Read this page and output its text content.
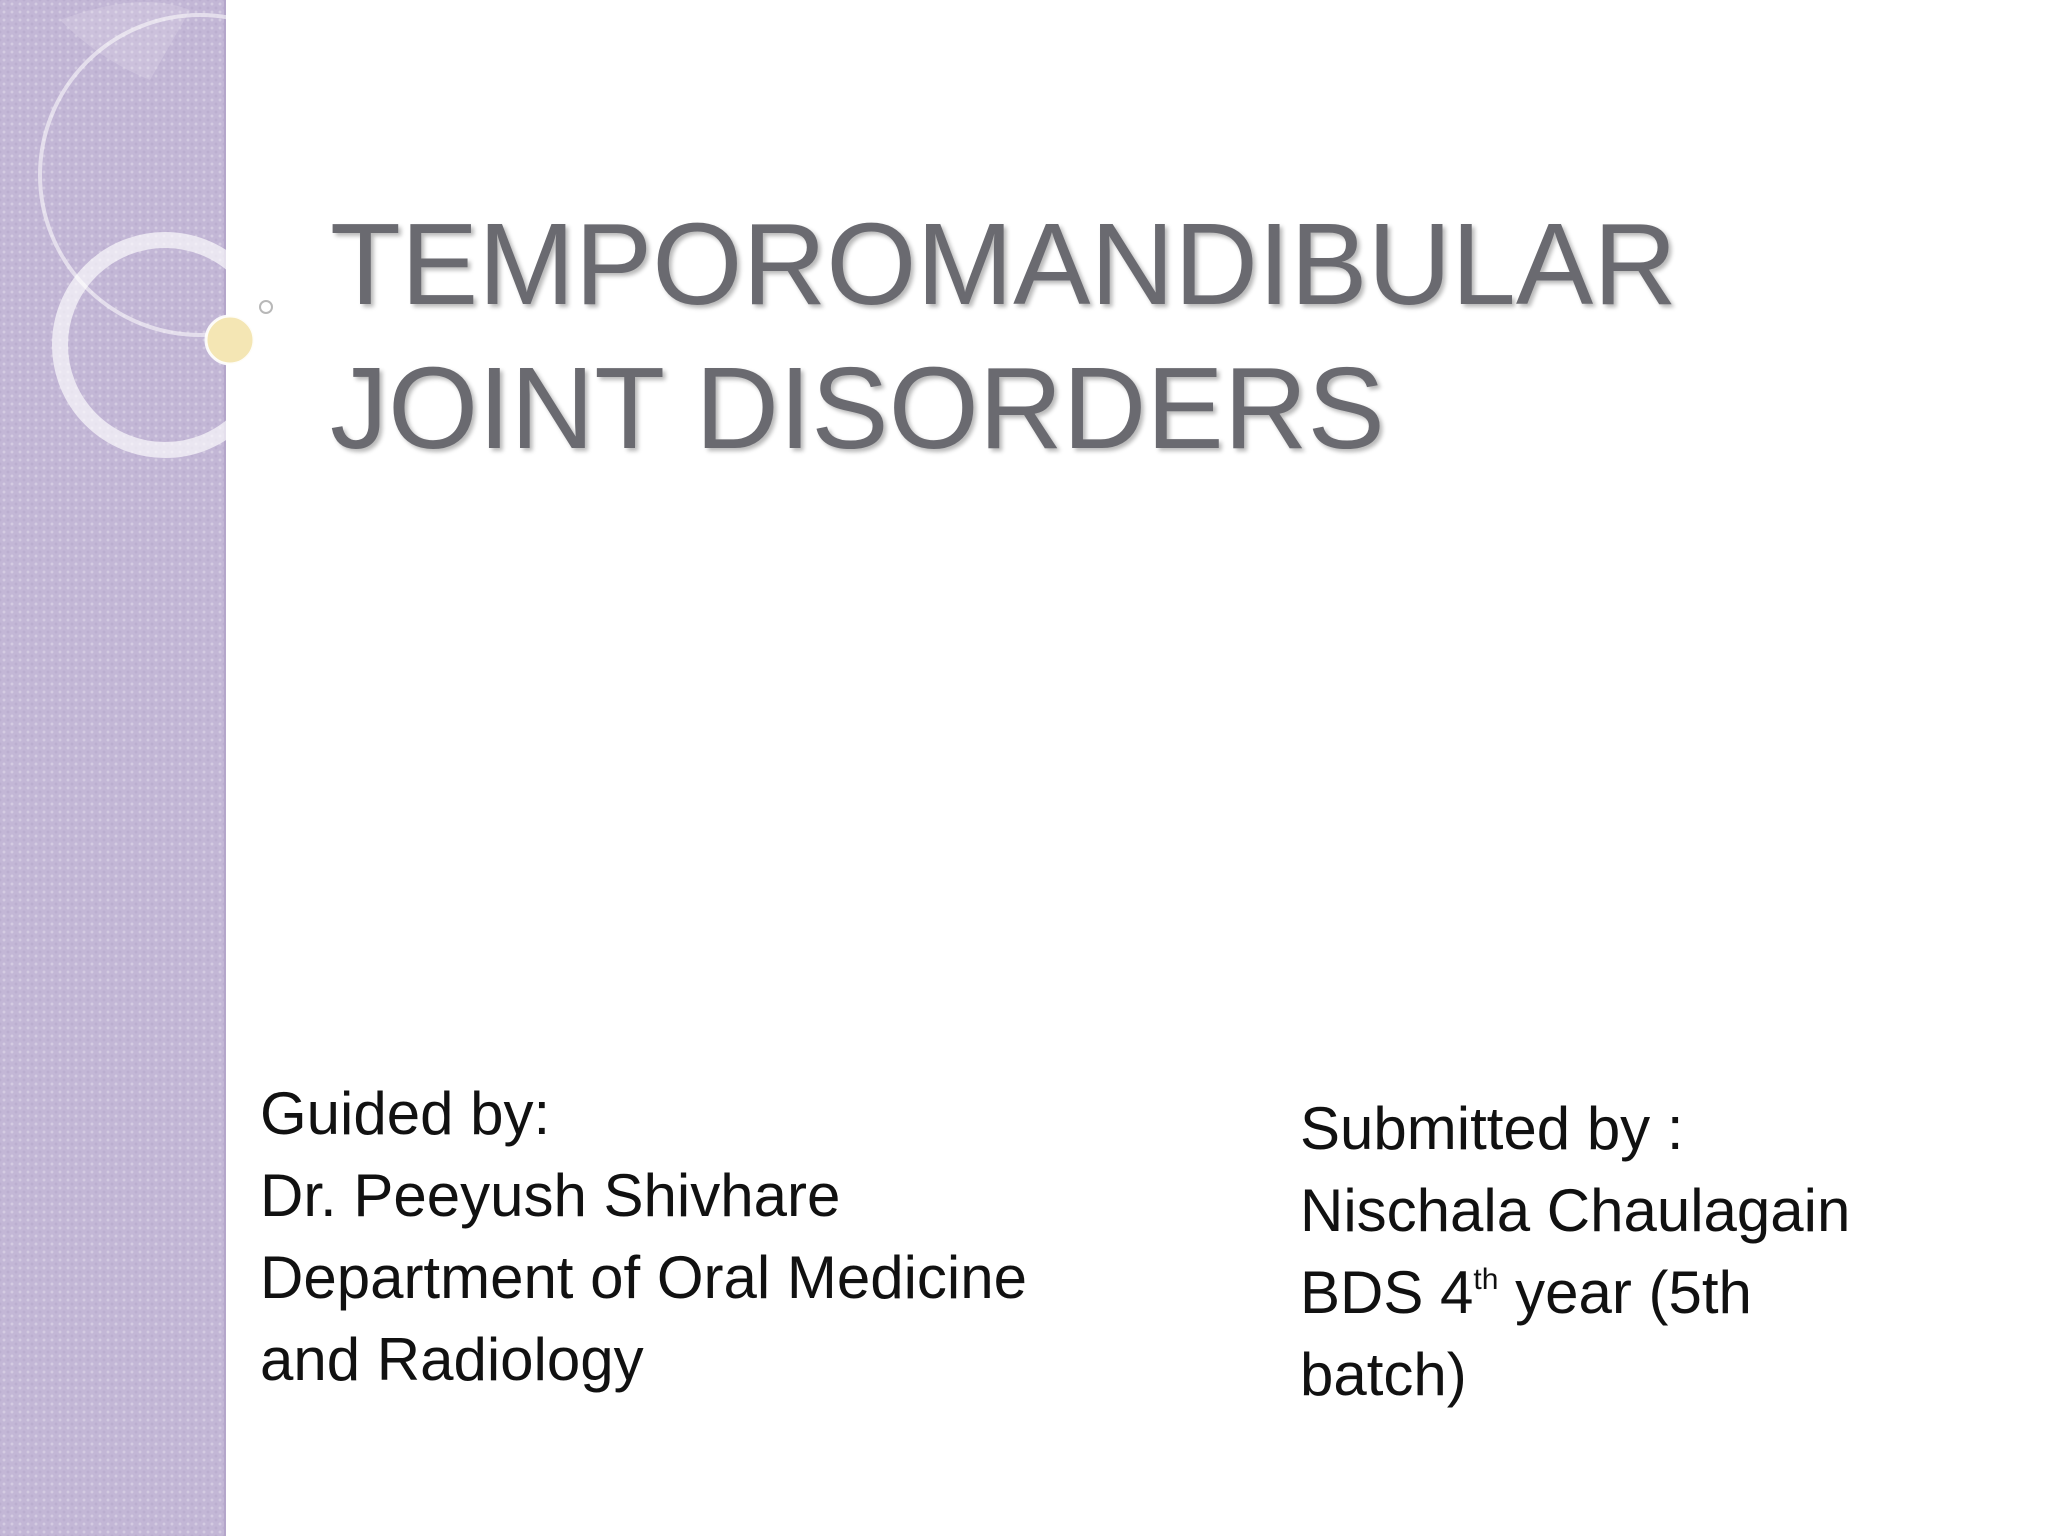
TEMPOROMANDIBULAR
JOINT DISORDERS
Guided by:
Dr. Peeyush Shivhare
Department of Oral Medicine
and Radiology
Submitted by :
Nischala Chaulagain
BDS 4th year (5th
batch)
